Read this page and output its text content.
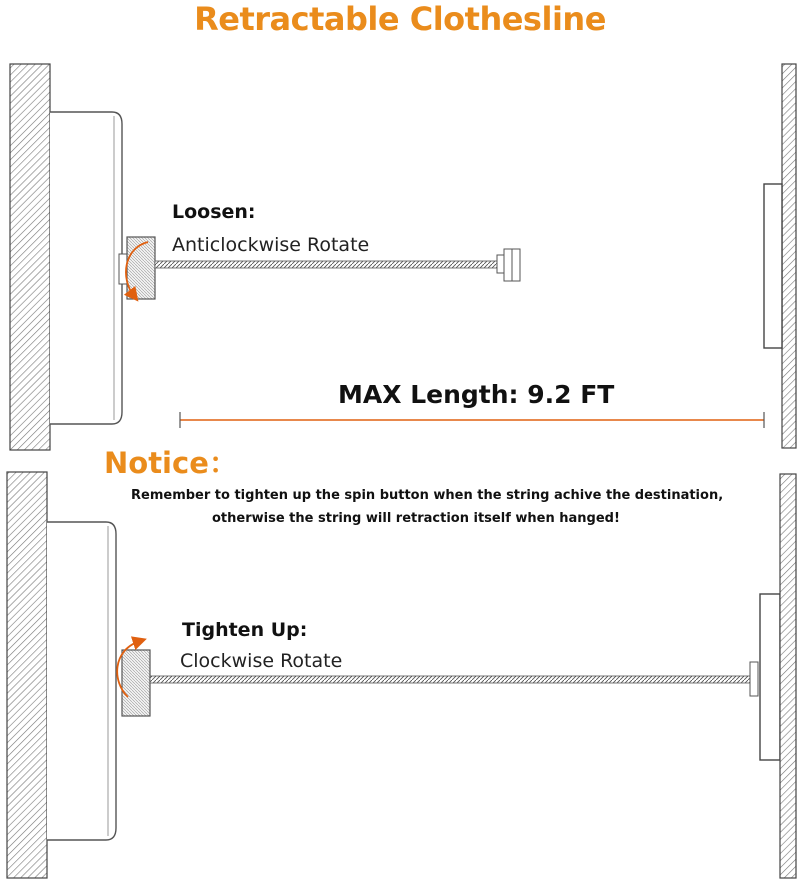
Retractable Clothesline
Loosen:
Anticlockwise Rotate
MAX Length: 9.2 FT
Notice：
Remember to tighten up the spin button when the string achive the destination,
otherwise the string will retraction itself when hanged!
Tighten Up:
Clockwise Rotate
